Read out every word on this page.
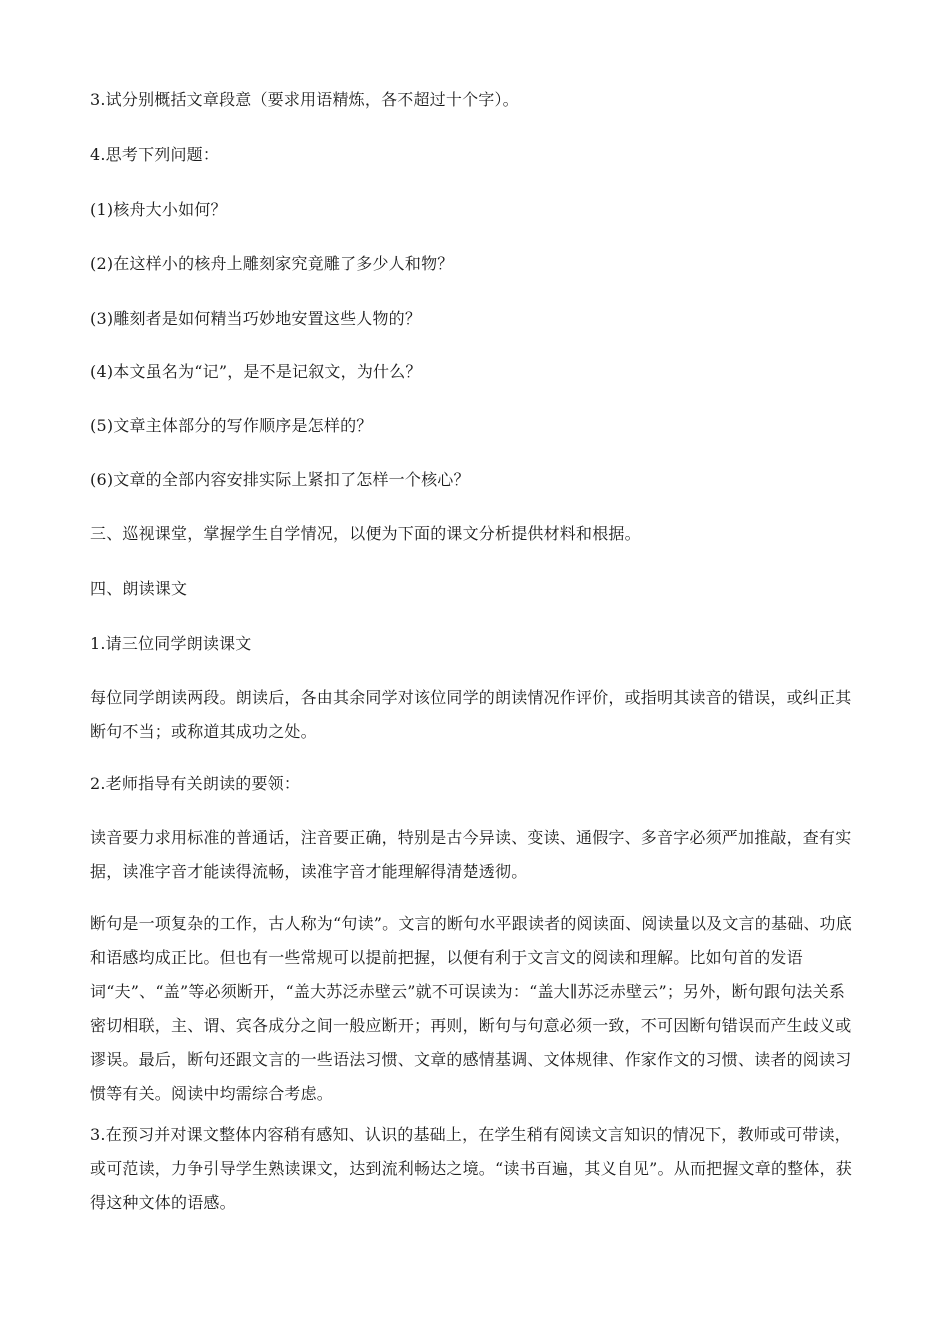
3.试分别概括文章段意（要求用语精炼，各不超过十个字）。
4.思考下列问题：
(1)核舟大小如何？
(2)在这样小的核舟上雕刻家究竟雕了多少人和物？
(3)雕刻者是如何精当巧妙地安置这些人物的？
(4)本文虽名为“记”，是不是记叙文，为什么？
(5)文章主体部分的写作顺序是怎样的？
(6)文章的全部内容安排实际上紧扣了怎样一个核心？
三、巡视课堂，掌握学生自学情况，以便为下面的课文分析提供材料和根据。
四、朗读课文
1.请三位同学朗读课文
每位同学朗读两段。朗读后，各由其余同学对该位同学的朗读情况作评价，或指明其读音的错误，或纠正其断句不当；或称道其成功之处。
2.老师指导有关朗读的要领：
读音要力求用标准的普通话，注音要正确，特别是古今异读、变读、通假字、多音字必须严加推敲，查有实据，读准字音才能读得流畅，读准字音才能理解得清楚透彻。
断句是一项复杂的工作，古人称为“句读”。文言的断句水平跟读者的阅读面、阅读量以及文言的基础、功底和语感均成正比。但也有一些常规可以提前把握，以便有利于文言文的阅读和理解。比如句首的发语词“夫”、“盖”等必须断开，“盖大苏泛赤壁云”就不可误读为：“盖大∥苏泛赤壁云”；另外，断句跟句法关系密切相联，主、谓、宾各成分之间一般应断开；再则，断句与句意必须一致，不可因断句错误而产生歧义或谬误。最后，断句还跟文言的一些语法习惯、文章的感情基调、文体规律、作家作文的习惯、读者的阅读习惯等有关。阅读中均需综合考虑。
3.在预习并对课文整体内容稍有感知、认识的基础上，在学生稍有阅读文言知识的情况下，教师或可带读，或可范读，力争引导学生熟读课文，达到流利畅达之境。“读书百遍，其义自见”。从而把握文章的整体，获得这种文体的语感。
